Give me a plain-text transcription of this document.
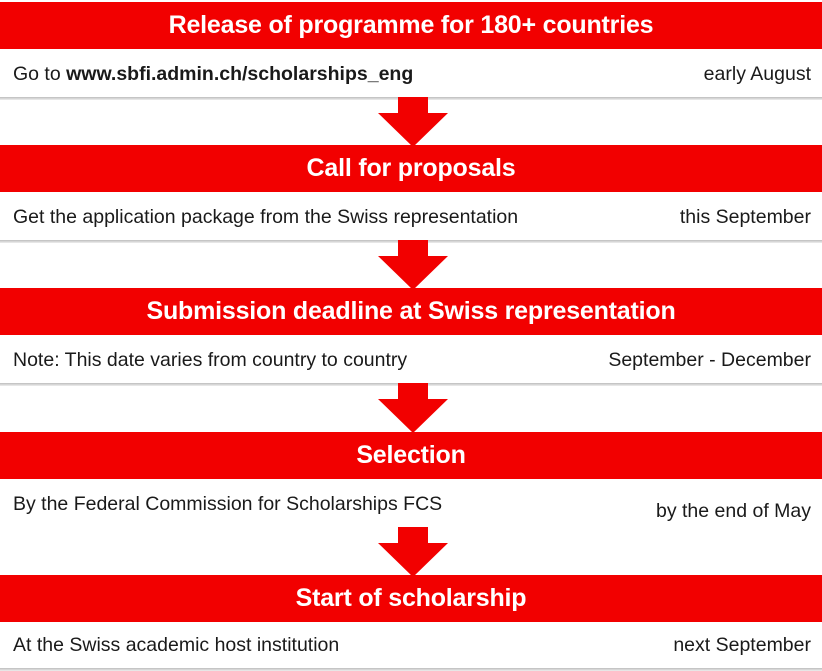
Release of programme for 180+ countries
Go to www.sbfi.admin.ch/scholarships_eng	early August
Call for proposals
Get the application package from the Swiss representation	this September
Submission deadline at Swiss representation
Note: This date varies from country to country	September - December
Selection
By the Federal Commission for Scholarships FCS	by the end of May
Start of scholarship
At the Swiss academic host institution	next September
